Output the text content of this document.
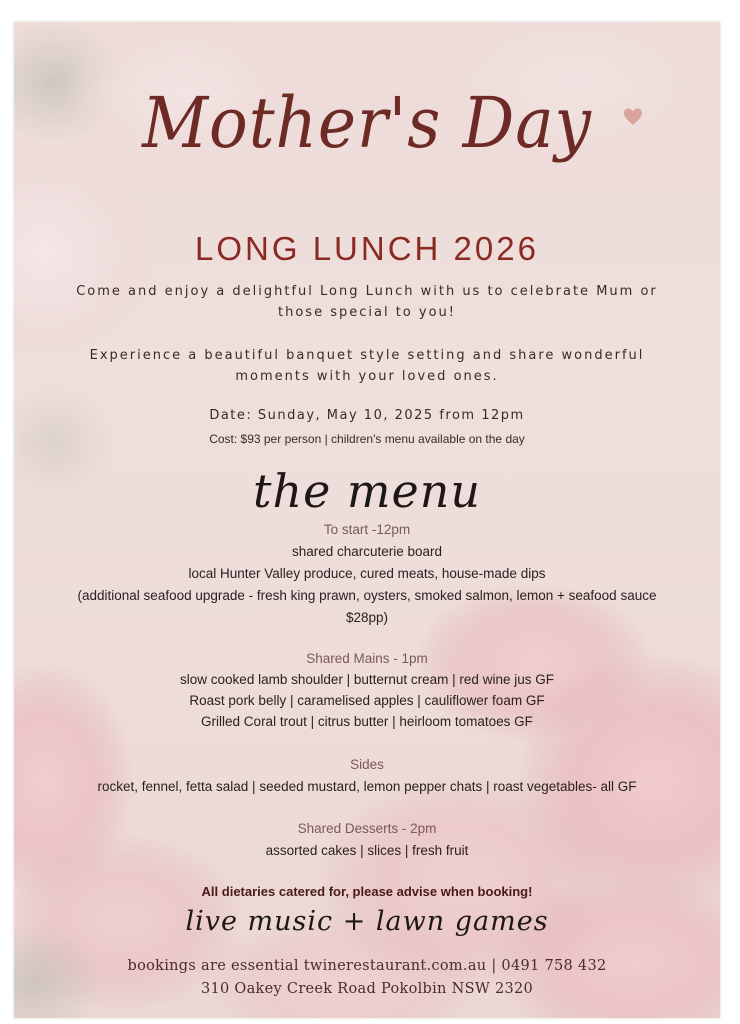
Mother's Day
LONG LUNCH 2026
Come and enjoy a delightful Long Lunch with us to celebrate Mum or those special to you!
Experience a beautiful banquet style setting and share wonderful moments with your loved ones.
Date: Sunday, May 10, 2025 from 12pm
Cost: $93 per person | children's menu available on the day
the menu
To start -12pm
shared charcuterie board
local Hunter Valley produce, cured meats, house-made dips
(additional seafood upgrade - fresh king prawn, oysters, smoked salmon, lemon + seafood sauce
$28pp)
Shared Mains - 1pm
slow cooked lamb shoulder | butternut cream | red wine jus GF
Roast pork belly | caramelised apples | cauliflower foam GF
Grilled Coral trout | citrus butter | heirloom tomatoes GF
Sides
rocket, fennel, fetta salad | seeded mustard, lemon pepper chats | roast vegetables- all GF
Shared Desserts - 2pm
assorted cakes | slices | fresh fruit
All dietaries catered for, please advise when booking!
live music + lawn games
bookings are essential twinerestaurant.com.au | 0491 758 432
310 Oakey Creek Road Pokolbin NSW 2320
